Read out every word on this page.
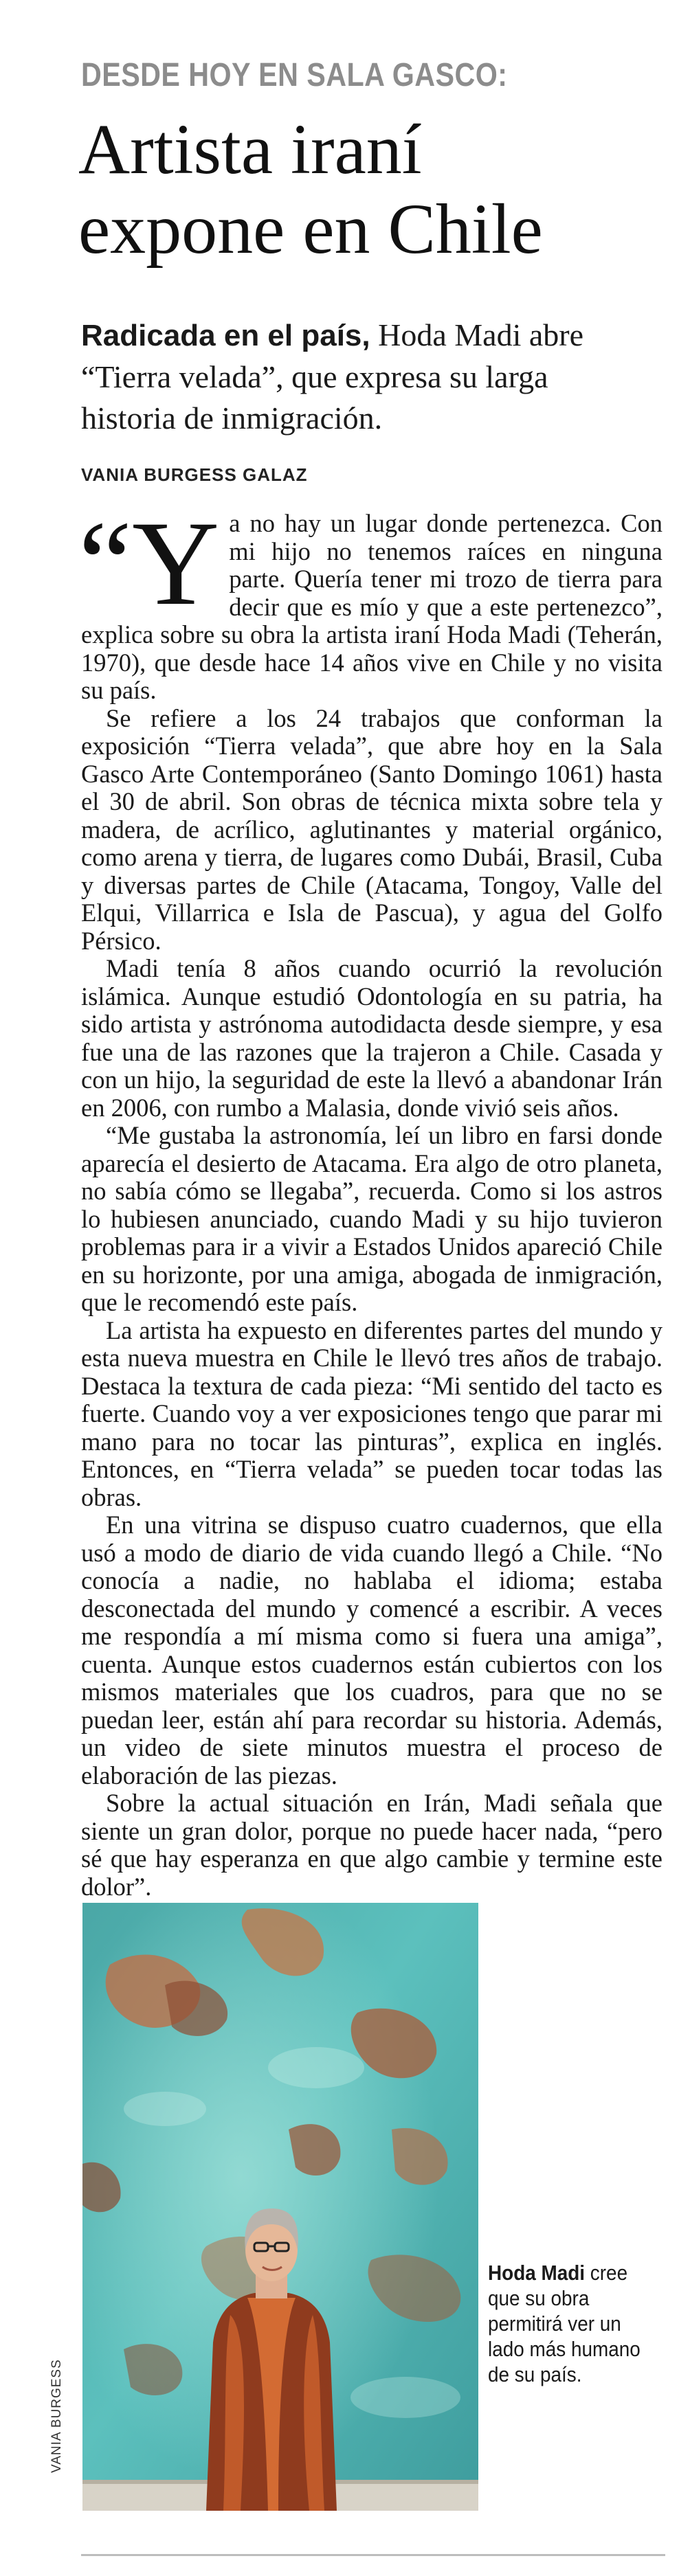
DESDE HOY EN SALA GASCO:
Artista iraní
expone en Chile
Radicada en el país, Hoda Madi abre
“Tierra velada”, que expresa su larga
historia de inmigración.
VANIA BURGESS GALAZ

“Ya no hay un lugar donde pertenezca. Con mi hijo no tenemos raíces en ninguna parte. Quería tener mi trozo de tierra para decir que es mío y que a este pertenezco”, explica sobre su obra la artista iraní Hoda Madi (Teherán, 1970), que desde hace 14 años vive en Chile y no visita su país.

Se refiere a los 24 trabajos que conforman la exposición “Tierra velada”, que abre hoy en la Sala Gasco Arte Contemporáneo (Santo Domingo 1061) hasta el 30 de abril. Son obras de técnica mixta sobre tela y madera, de acrílico, aglutinantes y material orgánico, como arena y tierra, de lugares como Dubái, Brasil, Cuba y diversas partes de Chile (Atacama, Tongoy, Valle del Elqui, Villarrica e Isla de Pascua), y agua del Golfo Pérsico.

Madi tenía 8 años cuando ocurrió la revolución islámica. Aunque estudió Odontología en su patria, ha sido artista y astrónoma autodidacta desde siempre, y esa fue una de las razones que la trajeron a Chile. Casada y con un hijo, la seguridad de este la llevó a abandonar Irán en 2006, con rumbo a Malasia, donde vivió seis años.

“Me gustaba la astronomía, leí un libro en farsi donde aparecía el desierto de Atacama. Era algo de otro planeta, no sabía cómo se llegaba”, recuerda. Como si los astros lo hubiesen anunciado, cuando Madi y su hijo tuvieron problemas para ir a vivir a Estados Unidos apareció Chile en su horizonte, por una amiga, abogada de inmigración, que le recomendó este país.

La artista ha expuesto en diferentes partes del mundo y esta nueva muestra en Chile le llevó tres años de trabajo. Destaca la textura de cada pieza: “Mi sentido del tacto es fuerte. Cuando voy a ver exposiciones tengo que parar mi mano para no tocar las pinturas”, explica en inglés. Entonces, en “Tierra velada” se pueden tocar todas las obras.

En una vitrina se dispuso cuatro cuadernos, que ella usó a modo de diario de vida cuando llegó a Chile. “No conocía a nadie, no hablaba el idioma; estaba desconectada del mundo y comencé a escribir. A veces me respondía a mí misma como si fuera una amiga”, cuenta. Aunque estos cuadernos están cubiertos con los mismos materiales que los cuadros, para que no se puedan leer, están ahí para recordar su historia. Además, un video de siete minutos muestra el proceso de elaboración de las piezas.

Sobre la actual situación en Irán, Madi señala que siente un gran dolor, porque no puede hacer nada, “pero sé que hay esperanza en que algo cambie y termine este dolor”.

VANIA BURGESS
Hoda Madi cree que su obra permitirá ver un lado más humano de su país.
